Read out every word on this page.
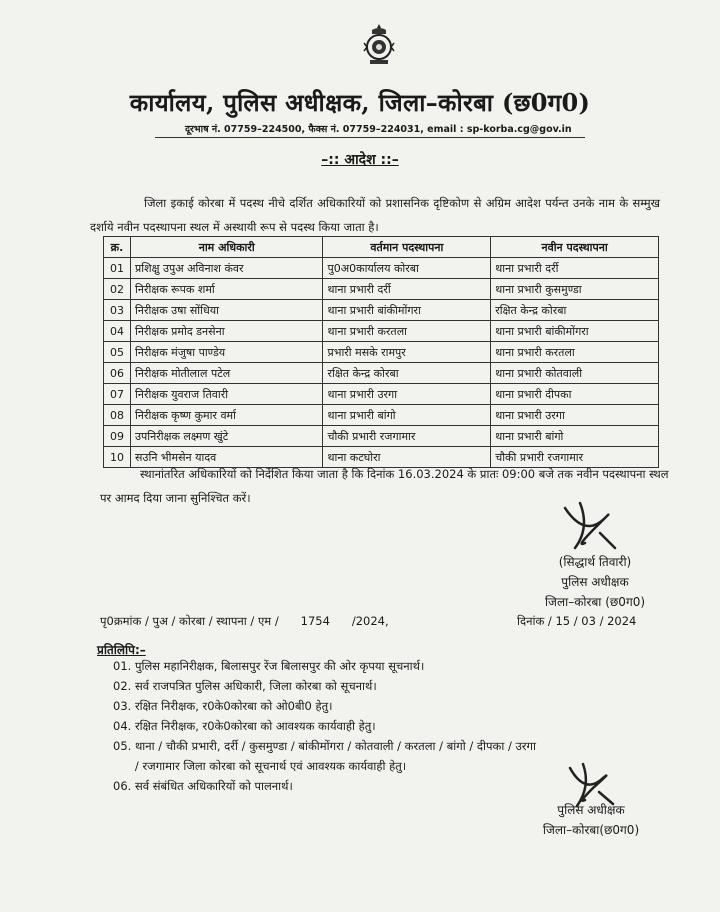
कार्यालय, पुलिस अधीक्षक, जिला–कोरबा (छ0ग0)
दूरभाष नं. 07759–224500, फैक्स नं. 07759–224031, email : sp-korba.cg@gov.in
–:: आदेश ::–

जिला इकाई कोरबा में पदस्थ नीचे दर्शित अधिकारियों को प्रशासनिक दृष्टिकोण से अग्रिम आदेश पर्यन्त उनके नाम के सम्मुख दर्शाये नवीन पदस्थापना स्थल में अस्थायी रूप से पदस्थ किया जाता है।

क्र.	नाम अधिकारी	वर्तमान पदस्थापना	नवीन पदस्थापना
01	प्रशिक्षु उपुअ अविनाश कंवर	पु0अ0कार्यालय कोरबा	थाना प्रभारी दर्री
02	निरीक्षक रूपक शर्मा	थाना प्रभारी दर्री	थाना प्रभारी कुसमुण्डा
03	निरीक्षक उषा सोंधिया	थाना प्रभारी बांकीमोंगरा	रक्षित केन्द्र कोरबा
04	निरीक्षक प्रमोद डनसेना	थाना प्रभारी करतला	थाना प्रभारी बांकीमोंगरा
05	निरीक्षक मंजुषा पाण्डेय	प्रभारी मसके रामपुर	थाना प्रभारी करतला
06	निरीक्षक मोतीलाल पटेल	रक्षित केन्द्र कोरबा	थाना प्रभारी कोतवाली
07	निरीक्षक युवराज तिवारी	थाना प्रभारी उरगा	थाना प्रभारी दीपका
08	निरीक्षक कृष्ण कुमार वर्मा	थाना प्रभारी बांगो	थाना प्रभारी उरगा
09	उपनिरीक्षक लक्ष्मण खुंटे	चौकी प्रभारी रजगामार	थाना प्रभारी बांगो
10	सउनि भीमसेन यादव	थाना कटघोरा	चौकी प्रभारी रजगामार

स्थानांतरित अधिकारियों को निर्देशित किया जाता है कि दिनांक 16.03.2024 के प्रातः 09:00 बजे तक नवीन पदस्थापना स्थल पर आमद दिया जाना सुनिश्चित करें।

(सिद्धार्थ तिवारी)
पुलिस अधीक्षक
जिला–कोरबा (छ0ग0)
पृ0क्रमांक / पुअ / कोरबा / स्थापना / एम /      1754      /2024,	दिनांक / 15 / 03 / 2024
प्रतिलिपि:–
01. पुलिस महानिरीक्षक, बिलासपुर रेंज बिलासपुर की ओर कृपया सूचनार्थ।
02. सर्व राजपत्रित पुलिस अधिकारी, जिला कोरबा को सूचनार्थ।
03. रक्षित निरीक्षक, र0के0कोरबा को ओ0बी0 हेतु।
04. रक्षित निरीक्षक, र0के0कोरबा को आवश्यक कार्यवाही हेतु।
05. थाना / चौकी प्रभारी, दर्री / कुसमुण्डा / बांकीमोंगरा / कोतवाली / करतला / बांगो / दीपका / उरगा
/ रजगामार जिला कोरबा को सूचनार्थ एवं आवश्यक कार्यवाही हेतु।
06. सर्व संबंधित अधिकारियों को पालनार्थ।
पुलिस अधीक्षक
जिला–कोरबा(छ0ग0)
